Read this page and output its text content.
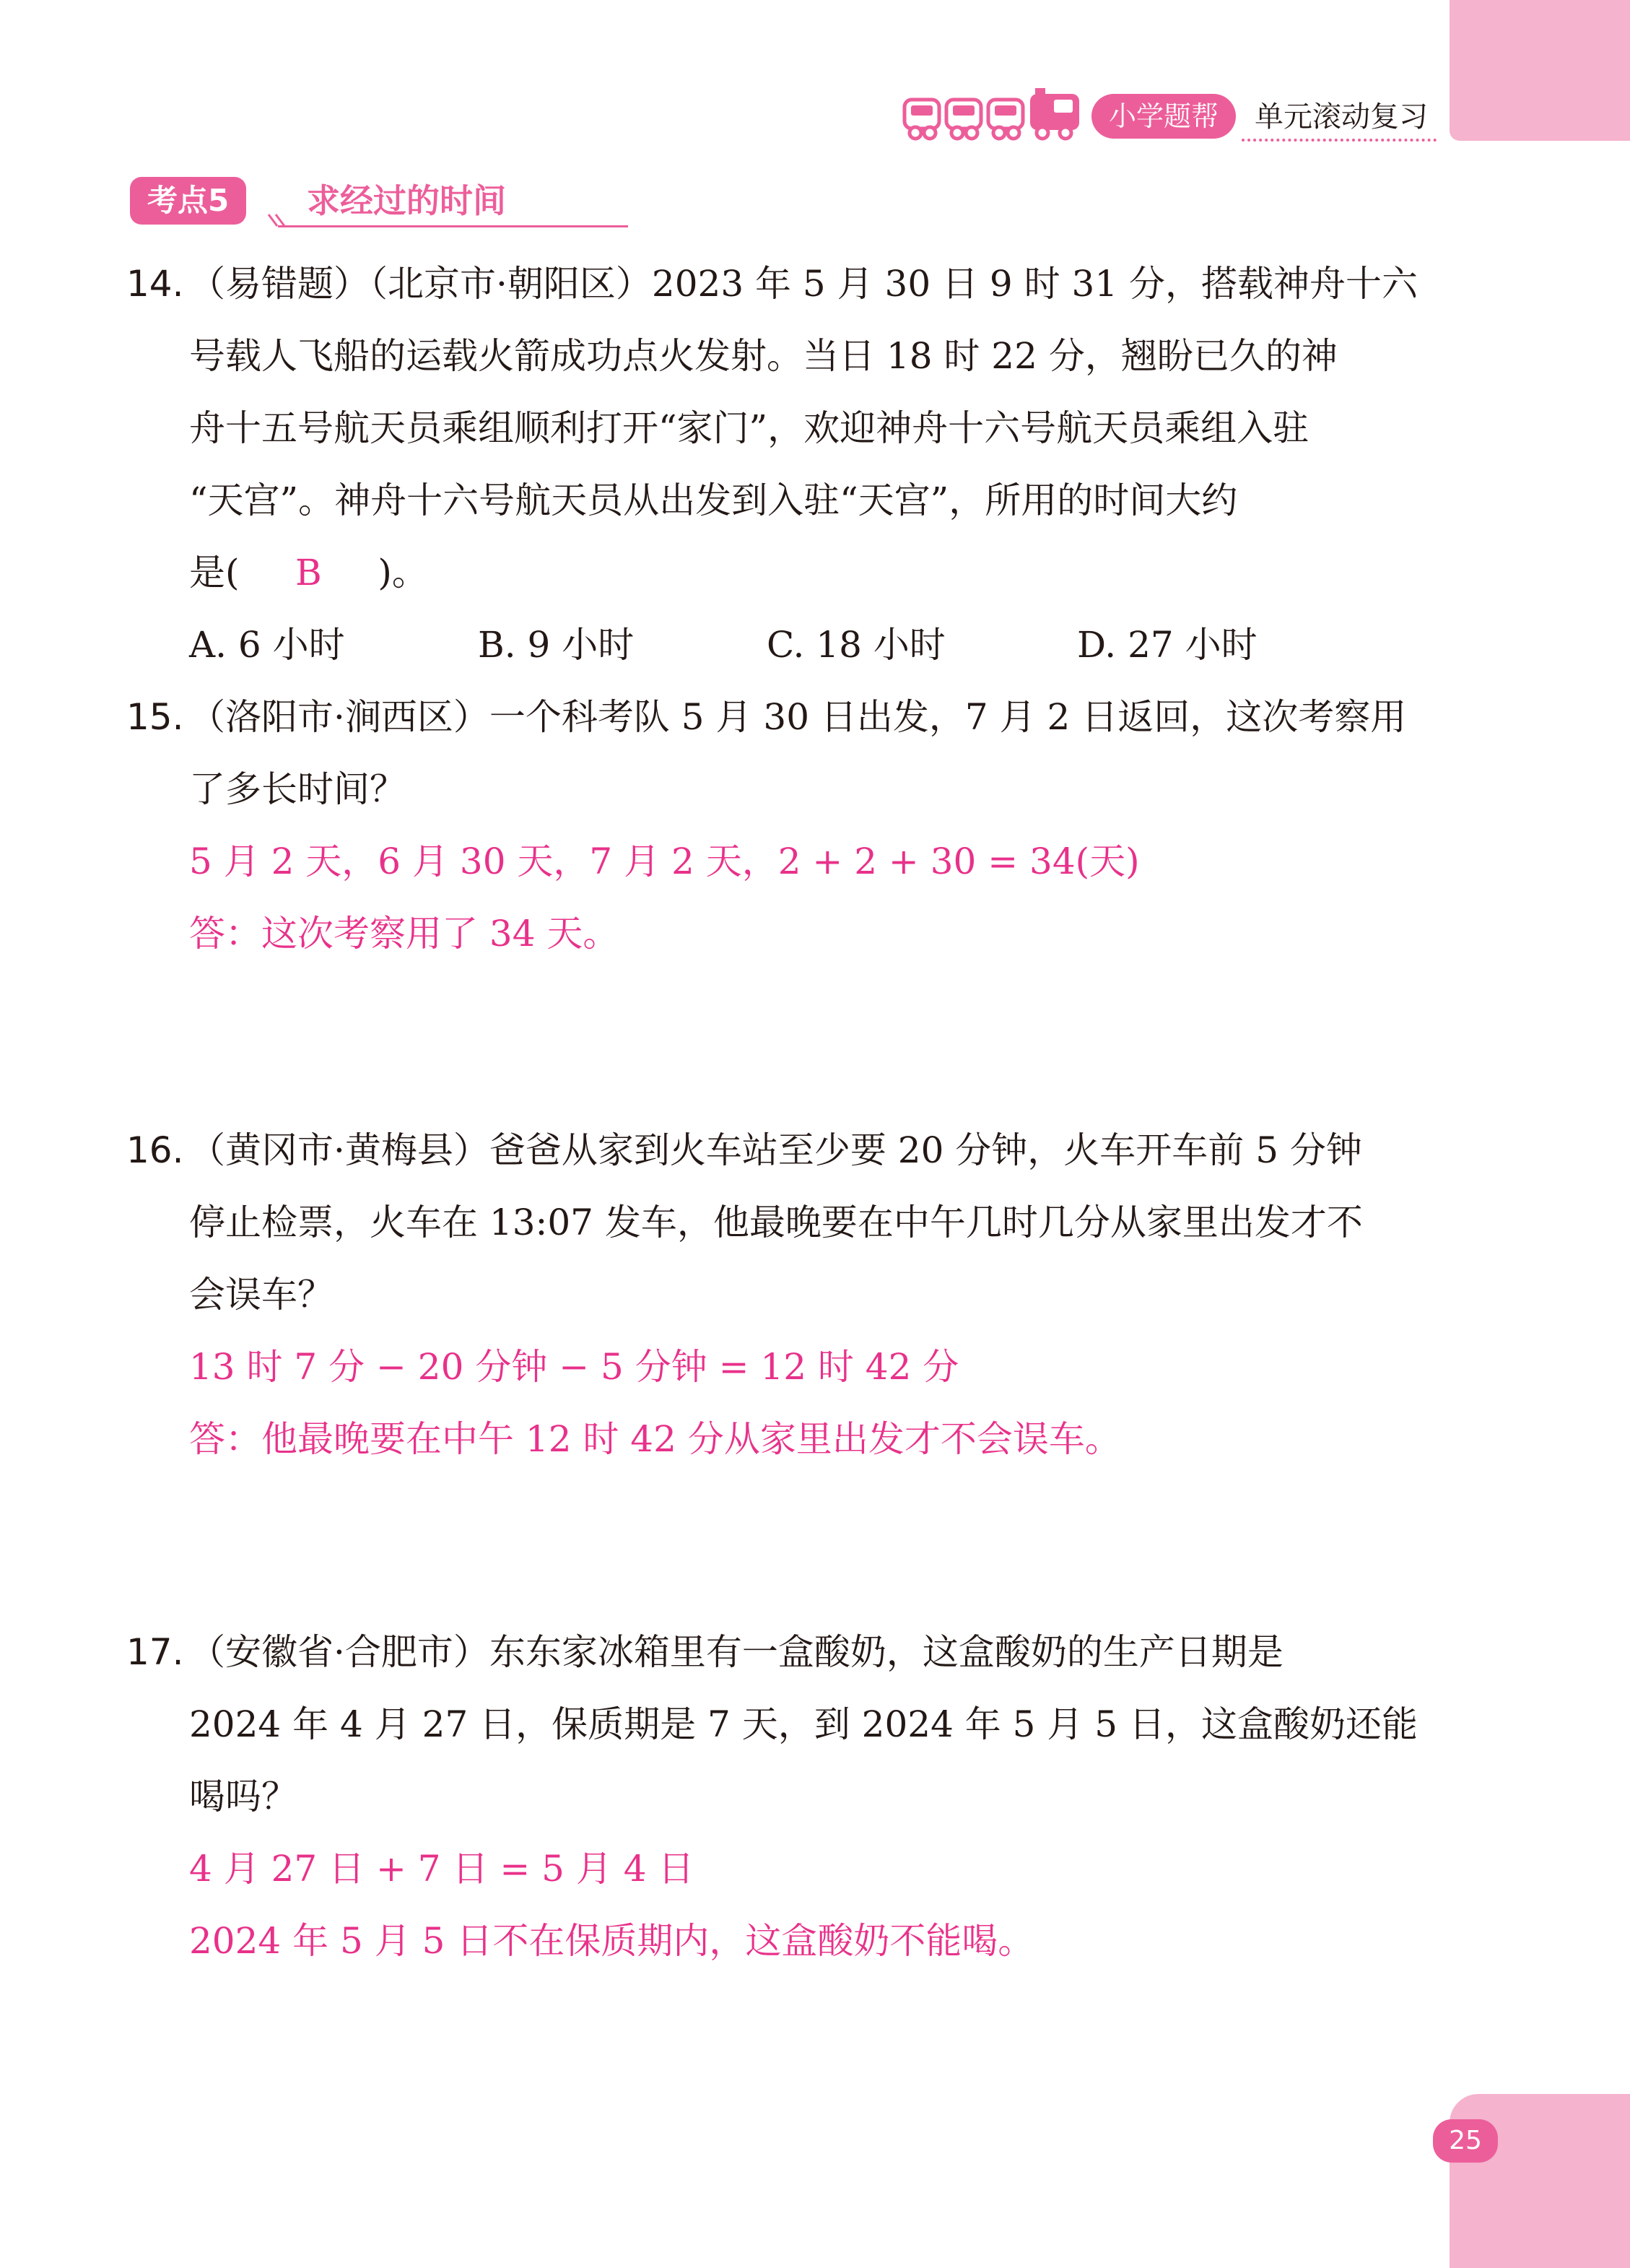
小学题帮	单元滚动复习
考点5	求经过的时间
14. （易错题）（北京市·朝阳区）2023 年 5 月 30 日 9 时 31 分，搭载神舟十六
号载人飞船的运载火箭成功点火发射。当日 18 时 22 分，翘盼已久的神
舟十五号航天员乘组顺利打开“家门”，欢迎神舟十六号航天员乘组入驻
“天宫”。神舟十六号航天员从出发到入驻“天宫”，所用的时间大约
是( B )。
A. 6 小时	B. 9 小时	C. 18 小时	D. 27 小时
15. （洛阳市·涧西区）一个科考队 5 月 30 日出发，7 月 2 日返回，这次考察用
了多长时间？
5 月 2 天，6 月 30 天，7 月 2 天，2 + 2 + 30 = 34(天)
答：这次考察用了 34 天。
16. （黄冈市·黄梅县）爸爸从家到火车站至少要 20 分钟，火车开车前 5 分钟
停止检票，火车在 13:07 发车，他最晚要在中午几时几分从家里出发才不
会误车？
13 时 7 分 − 20 分钟 − 5 分钟 = 12 时 42 分
答：他最晚要在中午 12 时 42 分从家里出发才不会误车。
17. （安徽省·合肥市）东东家冰箱里有一盒酸奶，这盒酸奶的生产日期是
2024 年 4 月 27 日，保质期是 7 天，到 2024 年 5 月 5 日，这盒酸奶还能
喝吗？
4 月 27 日 + 7 日 = 5 月 4 日
2024 年 5 月 5 日不在保质期内，这盒酸奶不能喝。
25
